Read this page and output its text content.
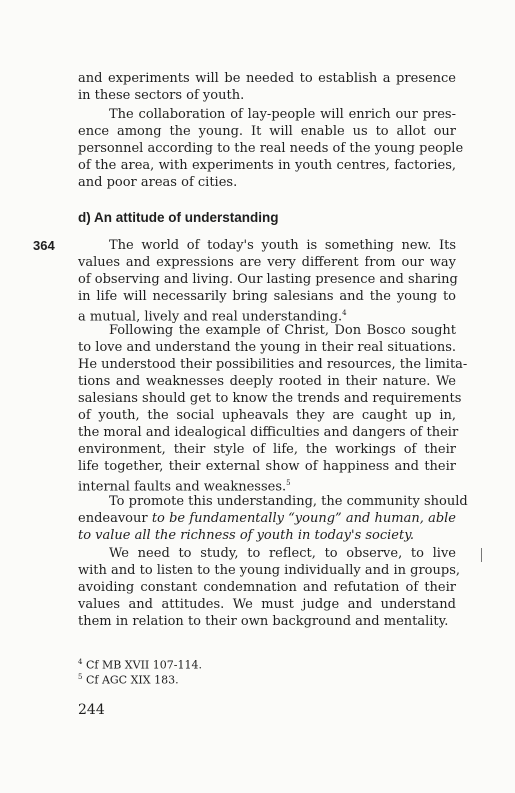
and experiments will be needed to establish a presence
in these sectors of youth.
The collaboration of lay-people will enrich our pres-
ence among the young. It will enable us to allot our
personnel according to the real needs of the young people
of the area, with experiments in youth centres, factories,
and poor areas of cities.
d) An attitude of understanding
364	The world of today's youth is something new. Its
values and expressions are very different from our way
of observing and living. Our lasting presence and sharing
in life will necessarily bring salesians and the young to
a mutual, lively and real understanding.$^4$
Following the example of Christ, Don Bosco sought
to love and understand the young in their real situations.
He understood their possibilities and resources, the limita-
tions and weaknesses deeply rooted in their nature. We
salesians should get to know the trends and requirements
of youth, the social upheavals they are caught up in,
the moral and idealogical difficulties and dangers of their
environment, their style of life, the workings of their
life together, their external show of happiness and their
internal faults and weaknesses.$^5$
To promote this understanding, the community should
endeavour to be fundamentally “young” and human, able
to value all the richness of youth in today's society.
We need to study, to reflect, to observe, to live
with and to listen to the young individually and in groups,
avoiding constant condemnation and refutation of their
values and attitudes. We must judge and understand
them in relation to their own background and mentality.
$^4$ Cf MB XVII 107-114.
$^5$ Cf AGC XIX 183.
244
